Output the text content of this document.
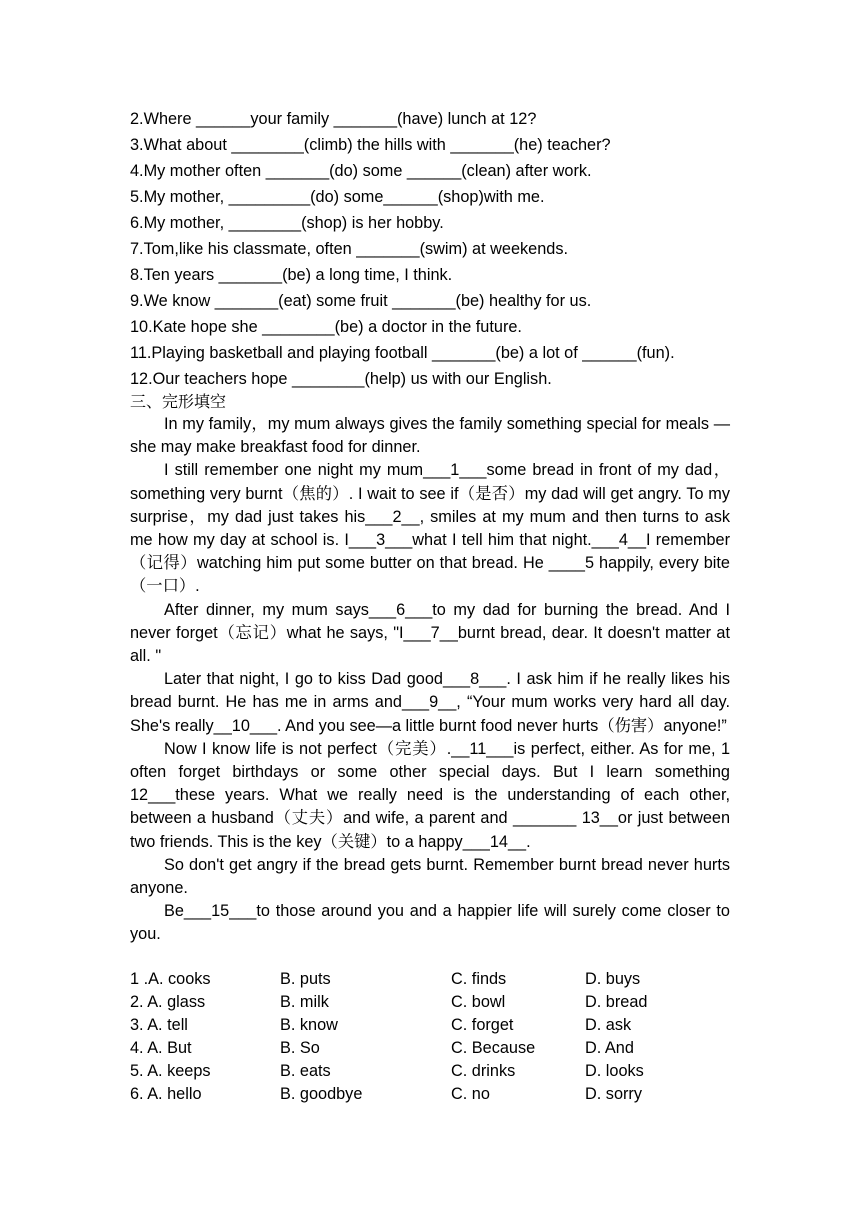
2.Where ______your family _______(have) lunch at 12?
3.What about ________(climb) the hills with _______(he) teacher?
4.My mother often _______(do) some ______(clean) after work.
5.My mother, _________(do) some______(shop)with me.
6.My mother, ________(shop) is her hobby.
7.Tom,like his classmate, often _______(swim) at weekends.
8.Ten years _______(be) a long time, I think.
9.We know _______(eat) some fruit _______(be) healthy for us.
10.Kate hope she ________(be) a doctor in the future.
11.Playing basketball and playing football _______(be) a lot of ______(fun).
12.Our teachers hope ________(help) us with our English.
三、完形填空

In my family，my mum always gives the family something special for meals — she may make breakfast food for dinner.

I still remember one night my mum___1___some bread in front of my dad，something very burnt（焦的）. I wait to see if（是否）my dad will get angry. To my surprise，my dad just takes his___2__, smiles at my mum and then turns to ask me how my day at school is. I___3___what I tell him that night.___4__I remember（记得）watching him put some butter on that bread. He ____5 happily, every bite（一口）.

After dinner, my mum says___6___to my dad for burning the bread. And I never forget（忘记）what he says, "I___7__burnt bread, dear. It doesn't matter at all. "

Later that night, I go to kiss Dad good___8___. I ask him if he really likes his bread burnt. He has me in arms and___9__, “Your mum works very hard all day. She's really__10___. And you see—a little burnt food never hurts（伤害）anyone!”

Now I know life is not perfect（完美）.__11___is perfect, either. As for me, 1 often forget birthdays or some other special days. But I learn something 12___these years. What we really need is the understanding of each other, between a husband（丈夫）and wife, a parent and _______ 13__or just between two friends. This is the key（关键）to a happy___14__.

So don't get angry if the bread gets burnt. Remember burnt bread never hurts anyone.

Be___15___to those around you and a happier life will surely come closer to you.

1 .A. cooks	B. puts	C. finds	D. buys
2. A. glass	B. milk	C. bowl	D. bread
3. A. tell	B. know	C. forget	D. ask
4. A. But	B. So	C. Because	D. And
5. A. keeps	B. eats	C. drinks	D. looks
6. A. hello	B. goodbye	C. no	D. sorry
